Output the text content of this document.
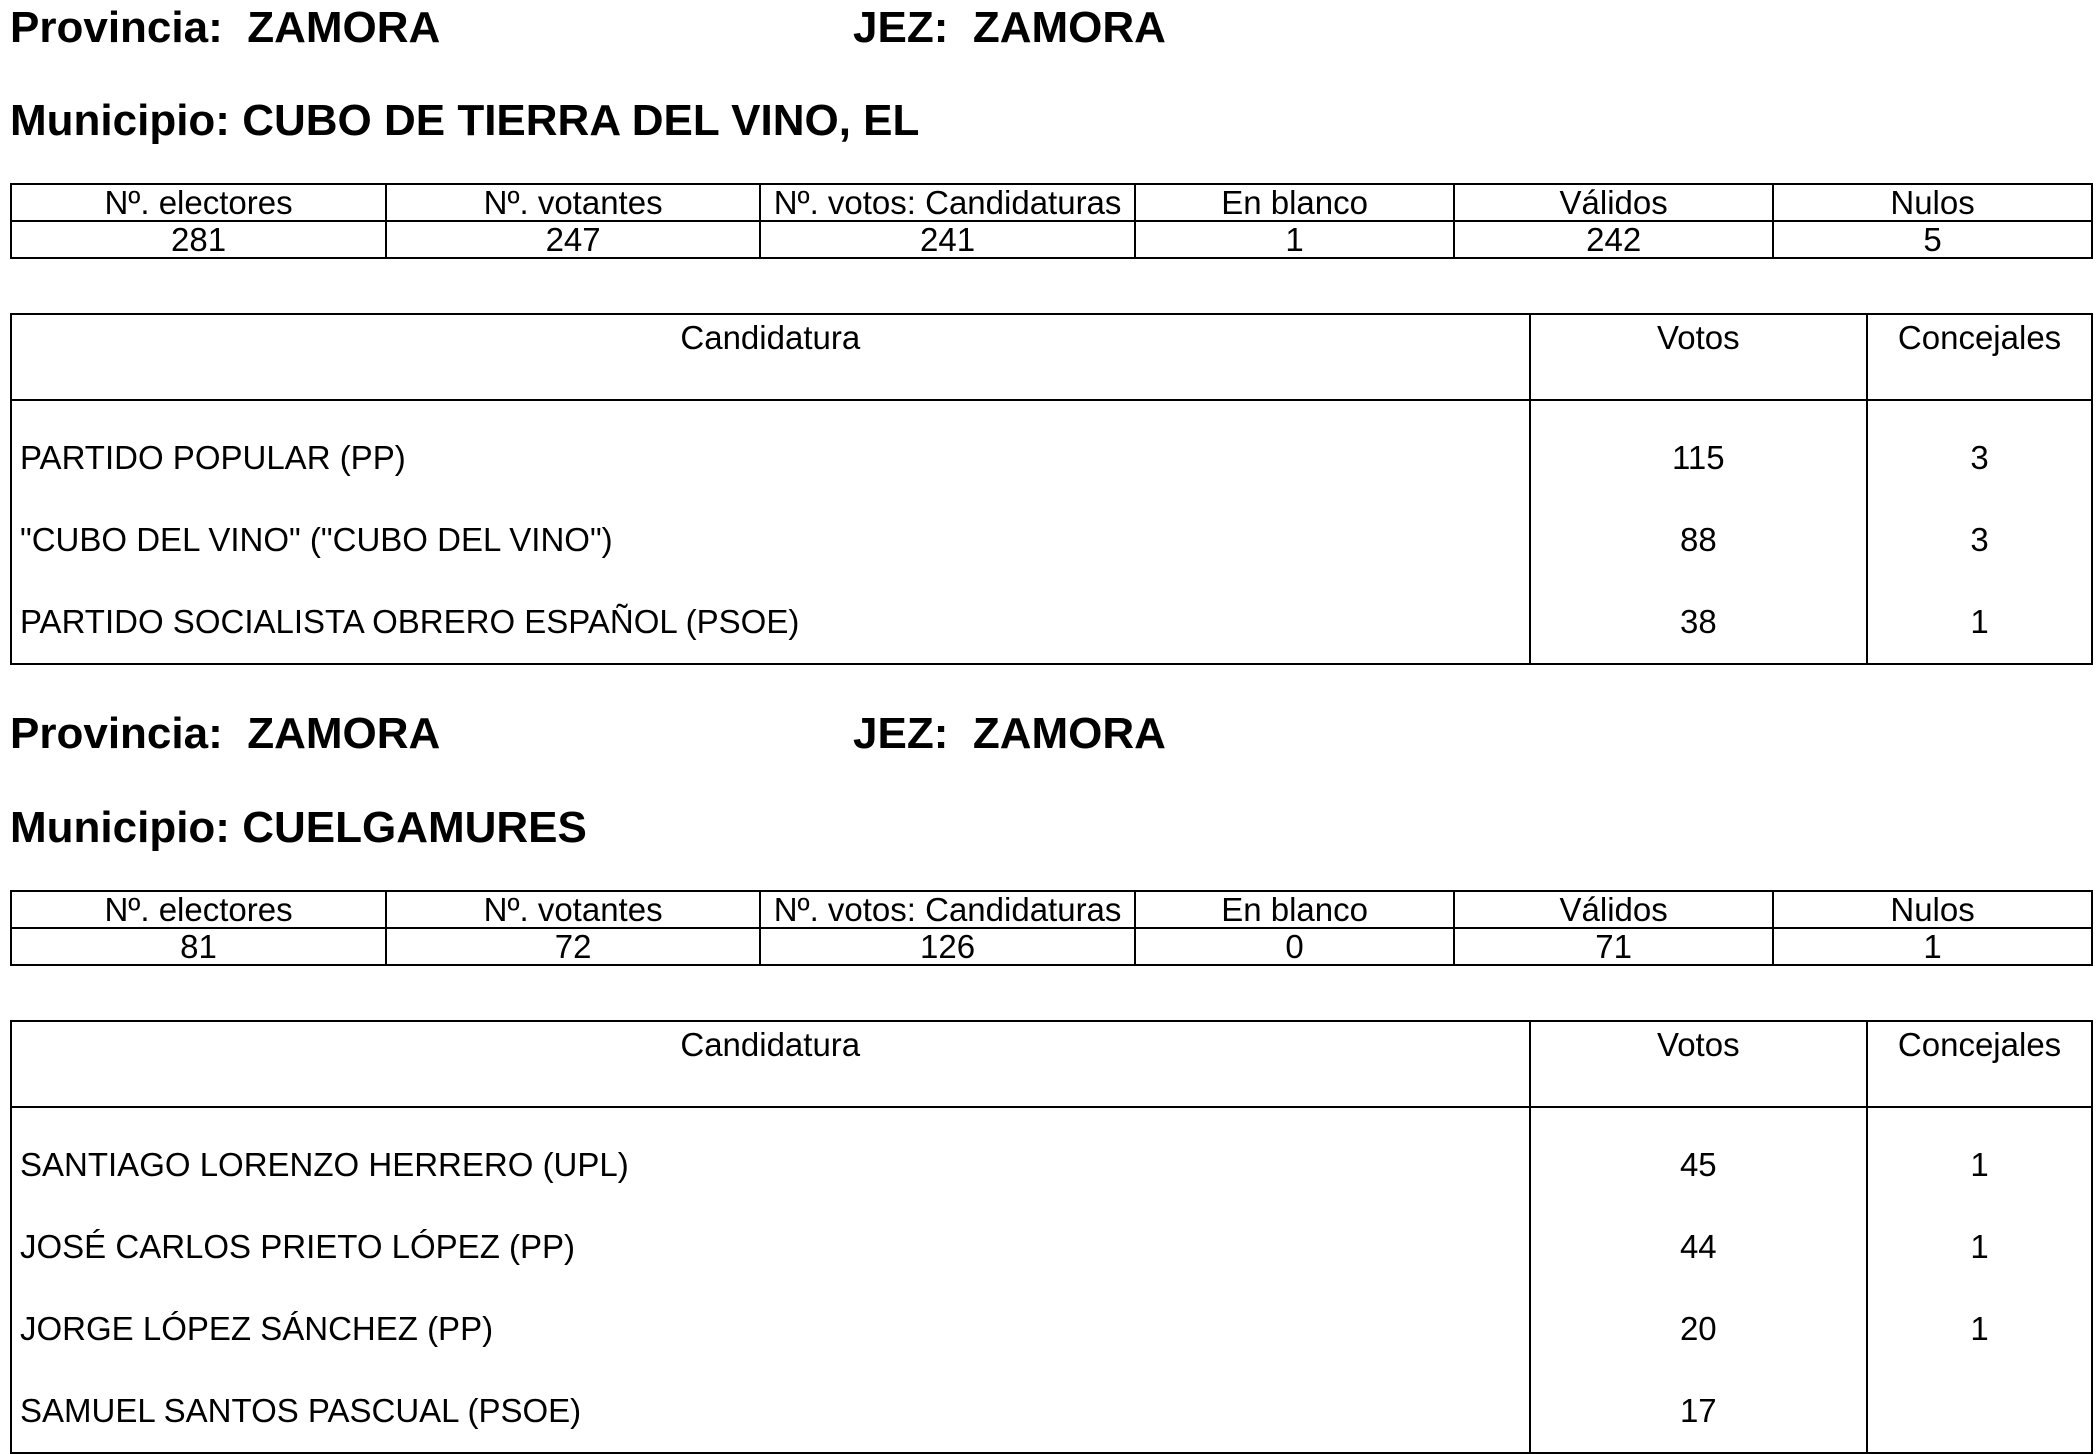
Provincia: ZAMORA	JEZ: ZAMORA
Municipio: CUBO DE TIERRA DEL VINO, EL
Nº. electores	Nº. votantes	Nº. votos: Candidaturas	En blanco	Válidos	Nulos
281	247	241	1	242	5
Candidatura	Votos	Concejales

PARTIDO POPULAR (PP)	115	3
"CUBO DEL VINO" ("CUBO DEL VINO")	88	3
PARTIDO SOCIALISTA OBRERO ESPAÑOL (PSOE)	38	1
Provincia: ZAMORA	JEZ: ZAMORA
Municipio: CUELGAMURES
Nº. electores	Nº. votantes	Nº. votos: Candidaturas	En blanco	Válidos	Nulos
81	72	126	0	71	1
Candidatura	Votos	Concejales

SANTIAGO LORENZO HERRERO (UPL)	45	1
JOSÉ CARLOS PRIETO LÓPEZ (PP)	44	1
JORGE LÓPEZ SÁNCHEZ (PP)	20	1
SAMUEL SANTOS PASCUAL (PSOE)	17	
